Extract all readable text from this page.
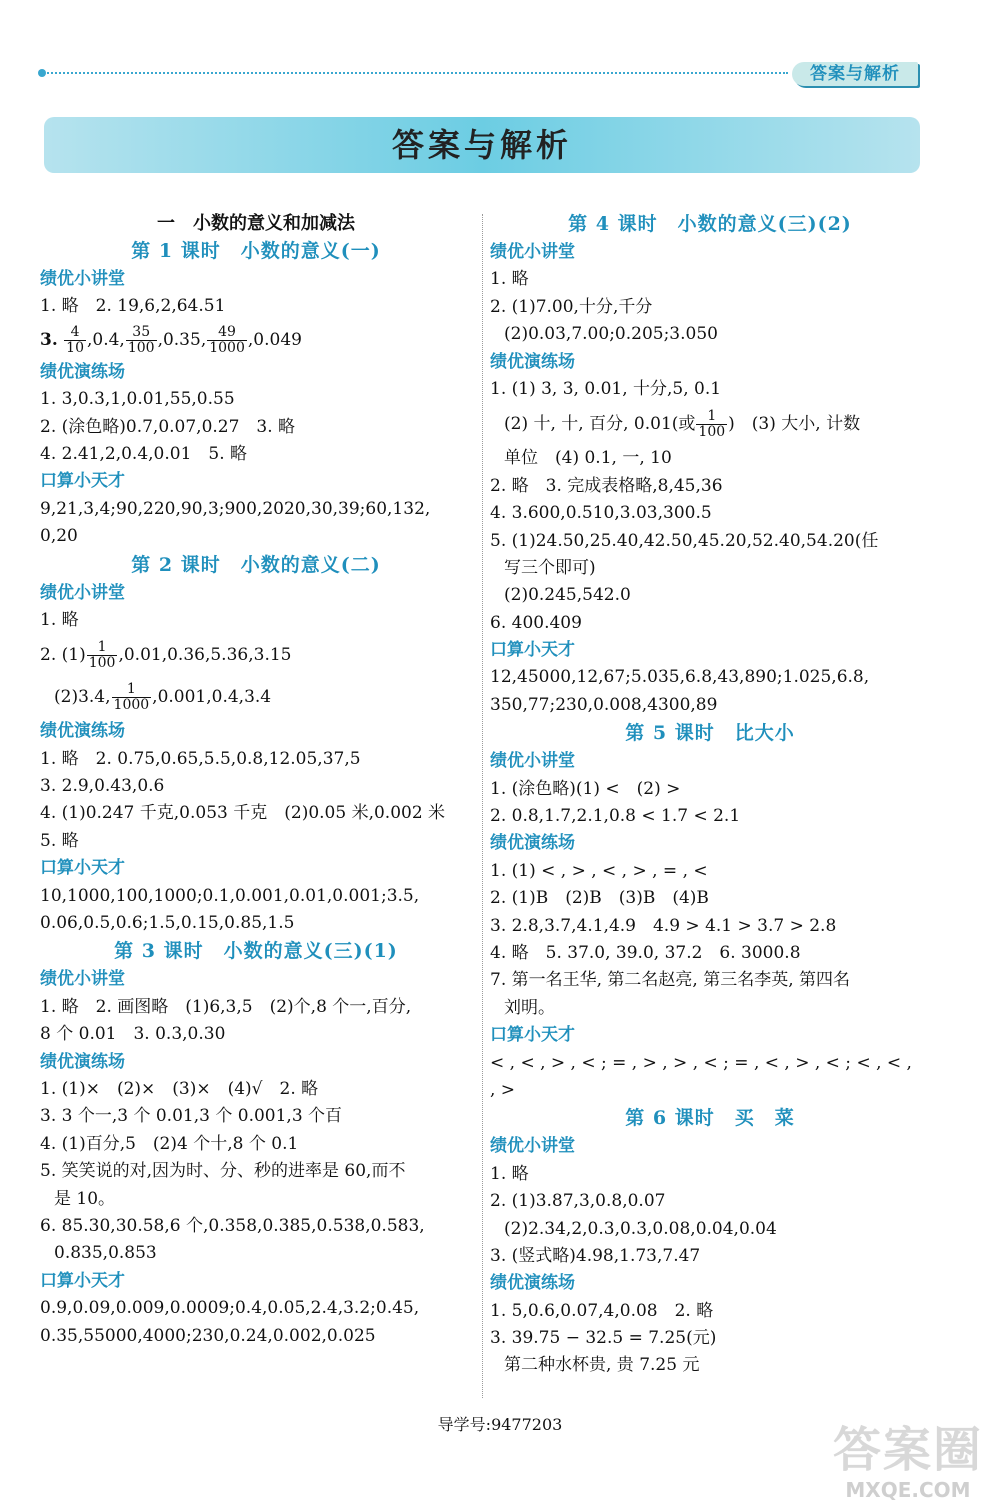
答案与解析
答案与解析
一　小数的意义和加减法
第 1 课时　小数的意义(一)
绩优小讲堂
1. 略　2. 19,6,2,64.51
3. $\frac{4}{10} ,0.4$, $\frac{35}{100} ,0.35$, $\frac{49}{1000} ,0.049$
绩优演练场
1. 3,0.3,1,0.01,55,0.55
2. (涂色略)0.7,0.07,0.27　3. 略
4. 2.41,2,0.4,0.01　5. 略
口算小天才
9,21,3,4;90,220,90,3;900,2020,30,39;60,132,
0,20
第 2 课时　小数的意义(二)
绩优小讲堂
1. 略
2. $(1) \frac{1}{100} ,0.01,0.36,5.36,3.15$
(2)3.4, $\frac{1}{1000} ,0.001,0.4,3.4$
绩优演练场
1. 略　2. 0.75,0.65,5.5,0.8,12.05,37,5
3. 2.9,0.43,0.6
4. (1)0.247 千克,0.053 千克　(2)0.05 米,0.002 米
5. 略
口算小天才
10,1000,100,1000;0.1,0.001,0.01,0.001;3.5,
0.06,0.5,0.6;1.5,0.15,0.85,1.5
第 3 课时　小数的意义(三)(1)
绩优小讲堂
1. 略　2. 画图略　(1)6,3,5　(2)个,8 个一,百分,
8 个 0.01　3. 0.3,0.30
绩优演练场
1. (1)×　(2)×　(3)×　(4)√　2. 略
3. 3 个一,3 个 0.01,3 个 0.001,3 个百
4. (1)百分,5　(2)4 个十,8 个 0.1
5. 笑笑说的对,因为时、分、秒的进率是 60,而不
是 10。
6. 85.30,30.58,6 个,0.358,0.385,0.538,0.583,
0.835,0.853
口算小天才
0.9,0.09,0.009,0.0009;0.4,0.05,2.4,3.2;0.45,
0.35,55000,4000;230,0.24,0.002,0.025
第 4 课时　小数的意义(三)(2)
绩优小讲堂
1. 略
2. (1)7.00,十分,千分
(2)0.03,7.00;0.205;3.050
绩优演练场
1. (1) 3, 3, 0.01, 十分,5, 0.1
(2) 十, 十, 百分, 0.01(或 $\frac{1}{100}$ )　(3) 大小, 计数
单位　(4) 0.1, 一, 10
2. 略　3. 完成表格略,8,45,36
4. 3.600,0.510,3.03,300.5
5. (1)24.50,25.40,42.50,45.20,52.40,54.20(任
写三个即可)
(2)0.245,542.0
6. 400.409
口算小天才
12,45000,12,67;5.035,6.8,43,890;1.025,6.8,
350,77;230,0.008,4300,89
第 5 课时　比大小
绩优小讲堂
1. (涂色略)(1) <　(2) >
2. 0.8,1.7,2.1,0.8 < 1.7 < 2.1
绩优演练场
1. (1) < , > , < , > , = , <
2. (1)B　(2)B　(3)B　(4)B
3. 2.8,3.7,4.1,4.9　4.9 > 4.1 > 3.7 > 2.8
4. 略　5. 37.0, 39.0, 37.2　6. 3000.8
7. 第一名王华, 第二名赵亮, 第三名李英, 第四名
刘明。
口算小天才
< , < , > , < ; = , > , > , < ; = , < , > , < ; < , < ,
, >
第 6 课时　买　菜
绩优小讲堂
1. 略
2. (1)3.87,3,0.8,0.07
(2)2.34,2,0.3,0.3,0.08,0.04,0.04
3. (竖式略)4.98,1.73,7.47
绩优演练场
1. 5,0.6,0.07,4,0.08　2. 略
3. 39.75 − 32.5 = 7.25(元)
第二种水杯贵, 贵 7.25 元
导学号:9477203	答案圈
MXQE.COM
